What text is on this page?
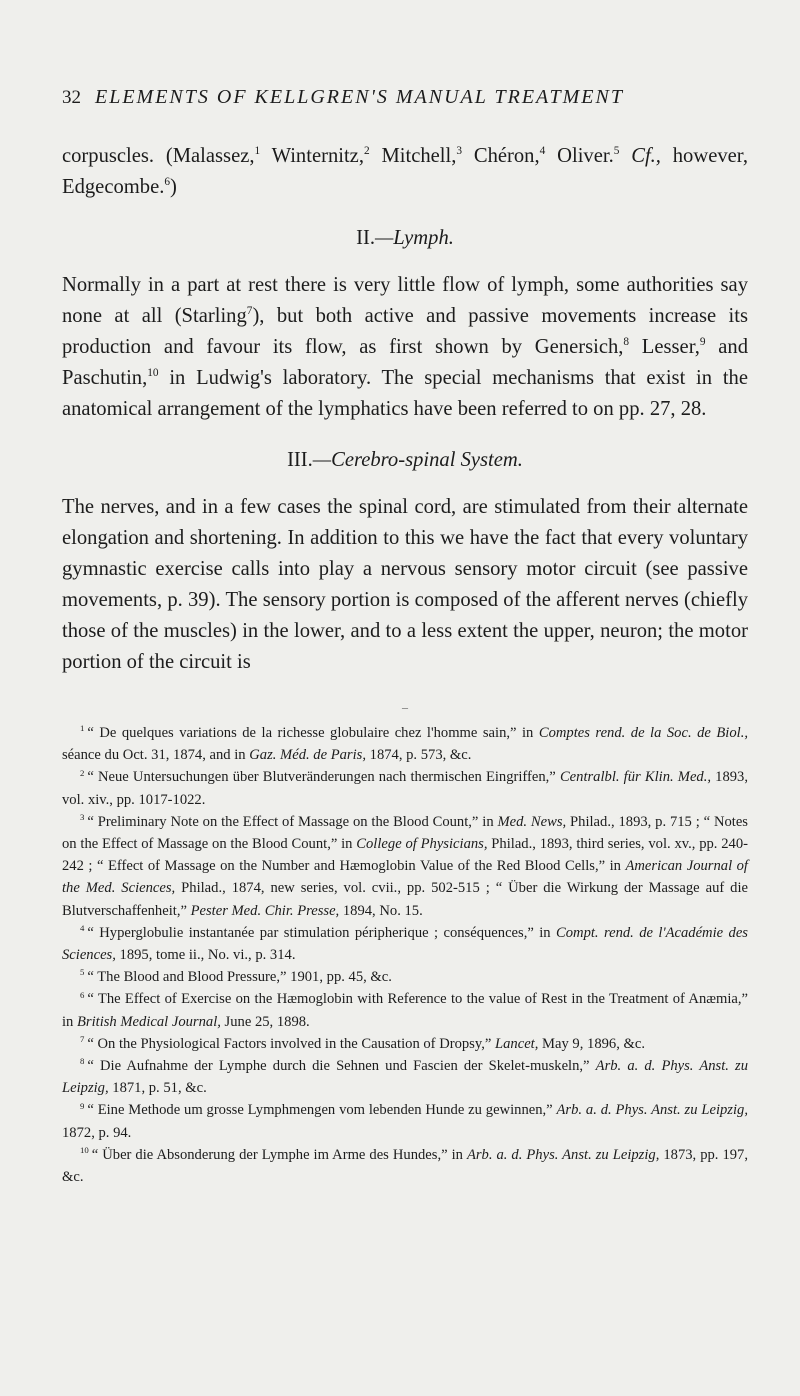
32 ELEMENTS OF KELLGREN'S MANUAL TREATMENT

corpuscles. (Malassez,$^1$ Winternitz,$^2$ Mitchell,$^3$ Chéron,$^4$ Oliver.$^5$ Cf., however, Edgecombe.$^6$)

II.—Lymph.

Normally in a part at rest there is very little flow of lymph, some authorities say none at all (Starling$^7$), but both active and passive movements increase its production and favour its flow, as first shown by Genersich,$^8$ Lesser,$^9$ and Paschutin,$^{10}$ in Ludwig's laboratory. The special mechanisms that exist in the anatomical arrangement of the lymphatics have been referred to on pp. 27, 28.

III.—Cerebro-spinal System.

The nerves, and in a few cases the spinal cord, are stimulated from their alternate elongation and shortening. In addition to this we have the fact that every voluntary gymnastic exercise calls into play a nervous sensory motor circuit (see passive movements, p. 39). The sensory portion is composed of the afferent nerves (chiefly those of the muscles) in the lower, and to a less extent the upper, neuron; the motor portion of the circuit is

–

$^1$ “ De quelques variations de la richesse globulaire chez l'homme sain,” in Comptes rend. de la Soc. de Biol., séance du Oct. 31, 1874, and in Gaz. Méd. de Paris, 1874, p. 573, &c.

$^2$ “ Neue Untersuchungen über Blutveränderungen nach thermischen Eingriffen,” Centralbl. für Klin. Med., 1893, vol. xiv., pp. 1017-1022.

$^3$ “ Preliminary Note on the Effect of Massage on the Blood Count,” in Med. News, Philad., 1893, p. 715 ; “ Notes on the Effect of Massage on the Blood Count,” in College of Physicians, Philad., 1893, third series, vol. xv., pp. 240-242 ; “ Effect of Massage on the Number and Hæmoglobin Value of the Red Blood Cells,” in American Journal of the Med. Sciences, Philad., 1874, new series, vol. cvii., pp. 502-515 ; “ Über die Wirkung der Massage auf die Blutverschaffenheit,” Pester Med. Chir. Presse, 1894, No. 15.

$^4$ “ Hyperglobulie instantanée par stimulation péripherique ; conséquences,” in Compt. rend. de l'Académie des Sciences, 1895, tome ii., No. vi., p. 314.

$^5$ “ The Blood and Blood Pressure,” 1901, pp. 45, &c.

$^6$ “ The Effect of Exercise on the Hæmoglobin with Reference to the value of Rest in the Treatment of Anæmia,” in British Medical Journal, June 25, 1898.

$^7$ “ On the Physiological Factors involved in the Causation of Dropsy,” Lancet, May 9, 1896, &c.

$^8$ “ Die Aufnahme der Lymphe durch die Sehnen und Fascien der Skelet-muskeln,” Arb. a. d. Phys. Anst. zu Leipzig, 1871, p. 51, &c.

$^9$ “ Eine Methode um grosse Lymphmengen vom lebenden Hunde zu gewinnen,” Arb. a. d. Phys. Anst. zu Leipzig, 1872, p. 94.

$^{10}$ “ Über die Absonderung der Lymphe im Arme des Hundes,” in Arb. a. d. Phys. Anst. zu Leipzig, 1873, pp. 197, &c.
